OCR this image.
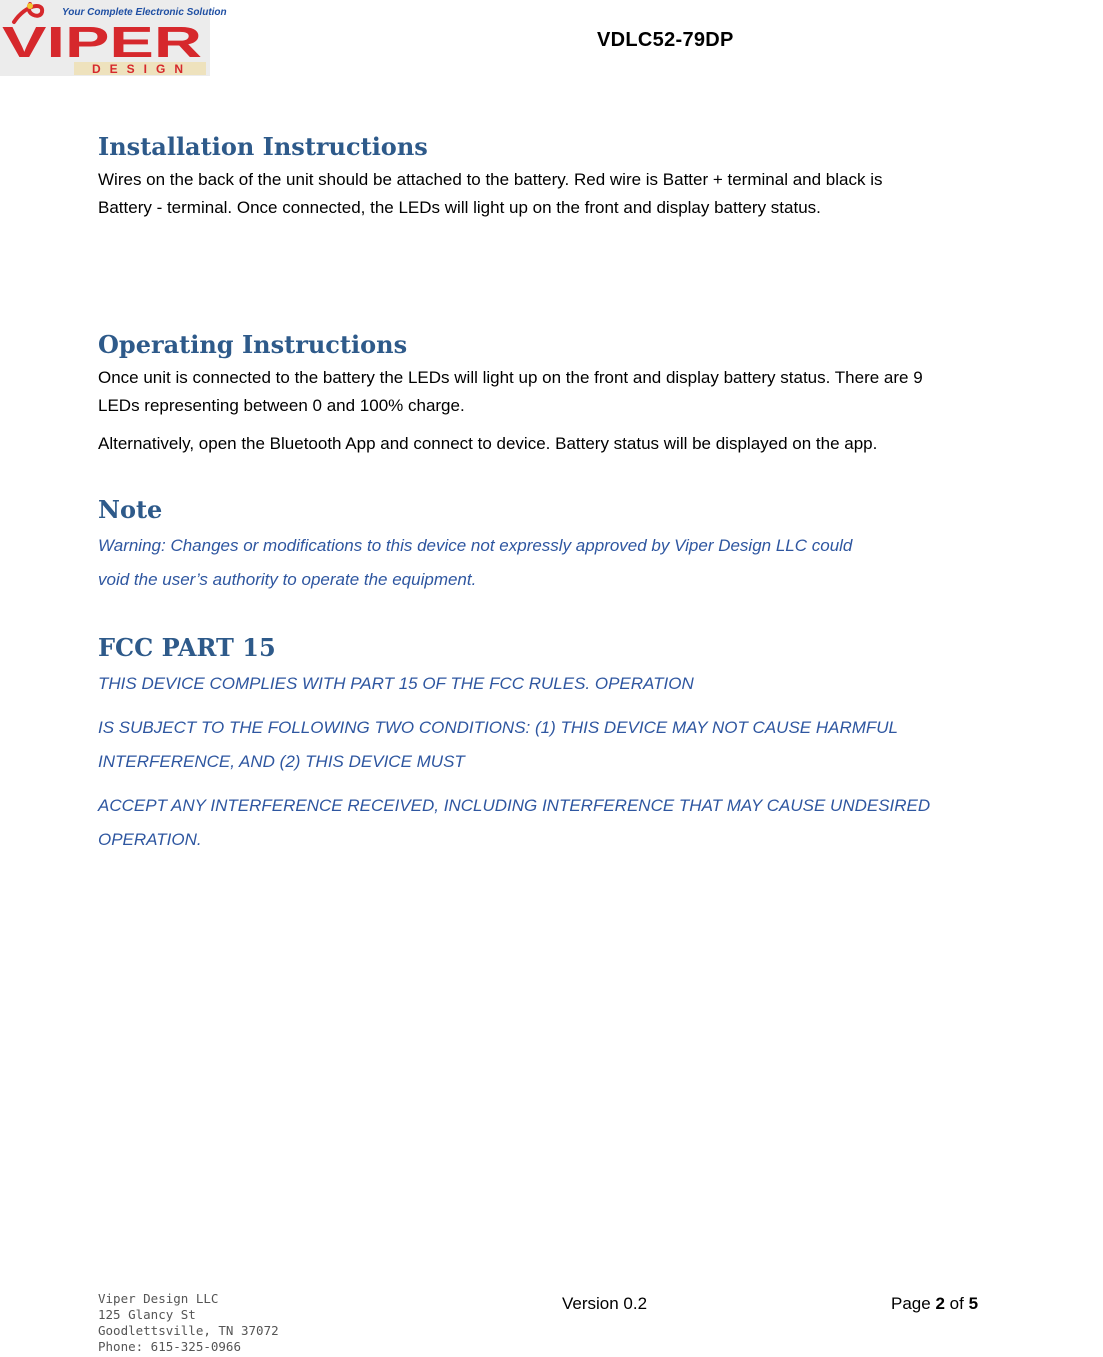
Your Complete Electronic Solution
VIPER
DESIGN

VDLC52-79DP

Installation Instructions

Wires on the back of the unit should be attached to the battery. Red wire is Batter + terminal and black is
Battery - terminal. Once connected, the LEDs will light up on the front and display battery status.

Operating Instructions

Once unit is connected to the battery the LEDs will light up on the front and display battery status. There are 9
LEDs representing between 0 and 100% charge.

Alternatively, open the Bluetooth App and connect to device. Battery status will be displayed on the app.

Note

Warning: Changes or modifications to this device not expressly approved by Viper Design LLC could
void the user’s authority to operate the equipment.

FCC PART 15

THIS DEVICE COMPLIES WITH PART 15 OF THE FCC RULES. OPERATION

IS SUBJECT TO THE FOLLOWING TWO CONDITIONS: (1) THIS DEVICE MAY NOT CAUSE HARMFUL
INTERFERENCE, AND (2) THIS DEVICE MUST

ACCEPT ANY INTERFERENCE RECEIVED, INCLUDING INTERFERENCE THAT MAY CAUSE UNDESIRED
OPERATION.

Viper Design LLC
125 Glancy St
Goodlettsville, TN 37072
Phone: 615-325-0966
Version 0.2	Page 2 of 5
